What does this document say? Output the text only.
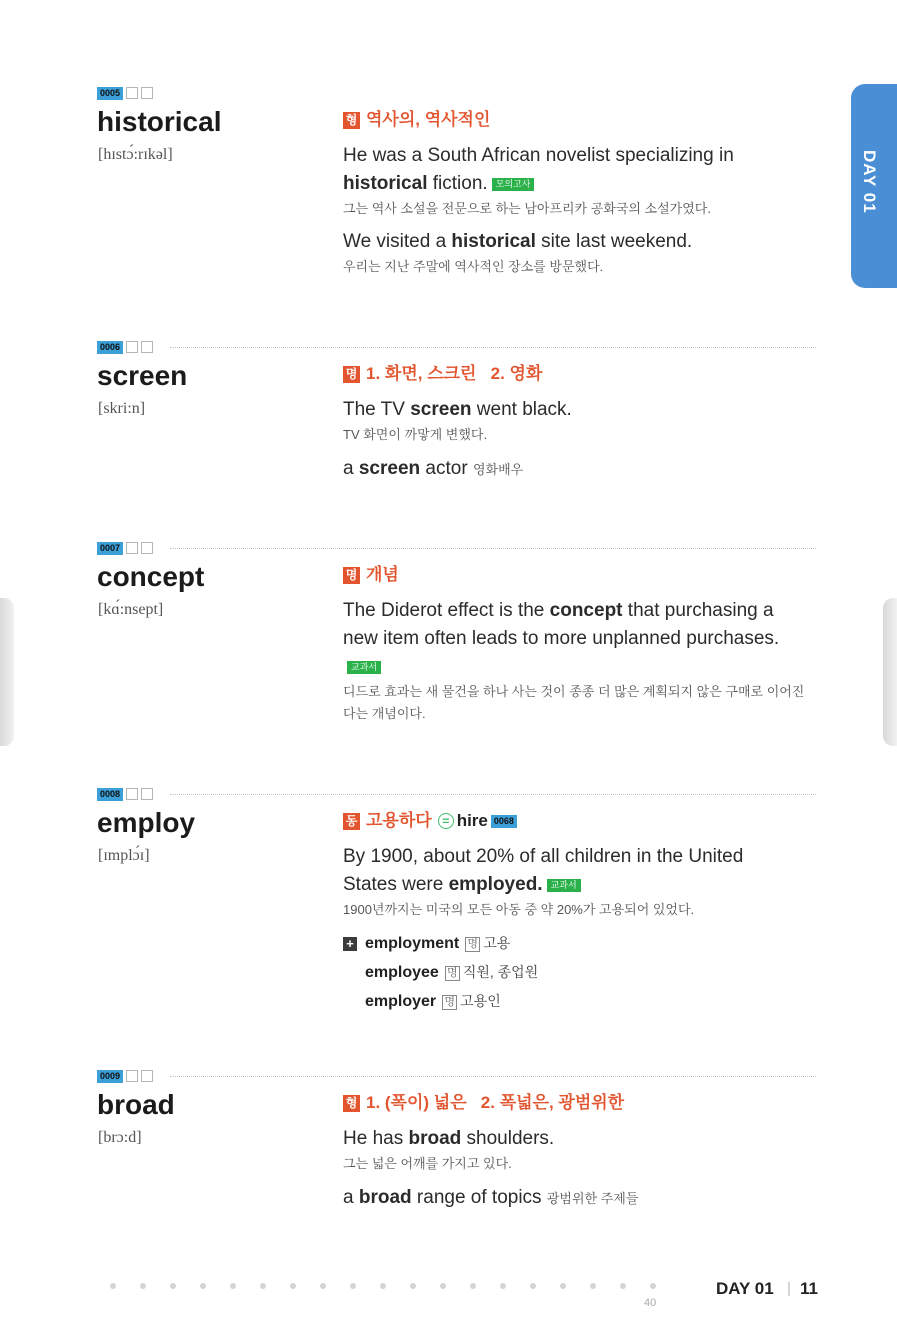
DAY 01
0005
historical
[hɪstɔ́:rɪkəl]
형 역사의, 역사적인
He was a South African novelist specializing in historical fiction. 모의고사
그는 역사 소설을 전문으로 하는 남아프리카 공화국의 소설가였다.
We visited a historical site last weekend.
우리는 지난 주말에 역사적인 장소를 방문했다.
0006
screen
[skri:n]
명 1. 화면, 스크린   2. 영화
The TV screen went black.
TV 화면이 까맣게 변했다.
a screen actor 영화배우
0007
concept
[kɑ́:nsept]
명 개념
The Diderot effect is the concept that purchasing a new item often leads to more unplanned purchases.교과서
디드로 효과는 새 물건을 하나 사는 것이 종종 더 많은 계획되지 않은 구매로 이어진다는 개념이다.
0008
employ
[ɪmplɔ́ɪ]
동 고용하다 = hire 0068
By 1900, about 20% of all children in the United States were employed. 교과서
1900년까지는 미국의 모든 아동 중 약 20%가 고용되어 있었다.
+ employment 명 고용
employee 명 직원, 종업원
employer 명 고용인
0009
broad
[brɔ:d]
형 1. (폭이) 넓은   2. 폭넓은, 광범위한
He has broad shoulders.
그는 넓은 어깨를 가지고 있다.
a broad range of topics 광범위한 주제들
40
DAY 01 | 11
